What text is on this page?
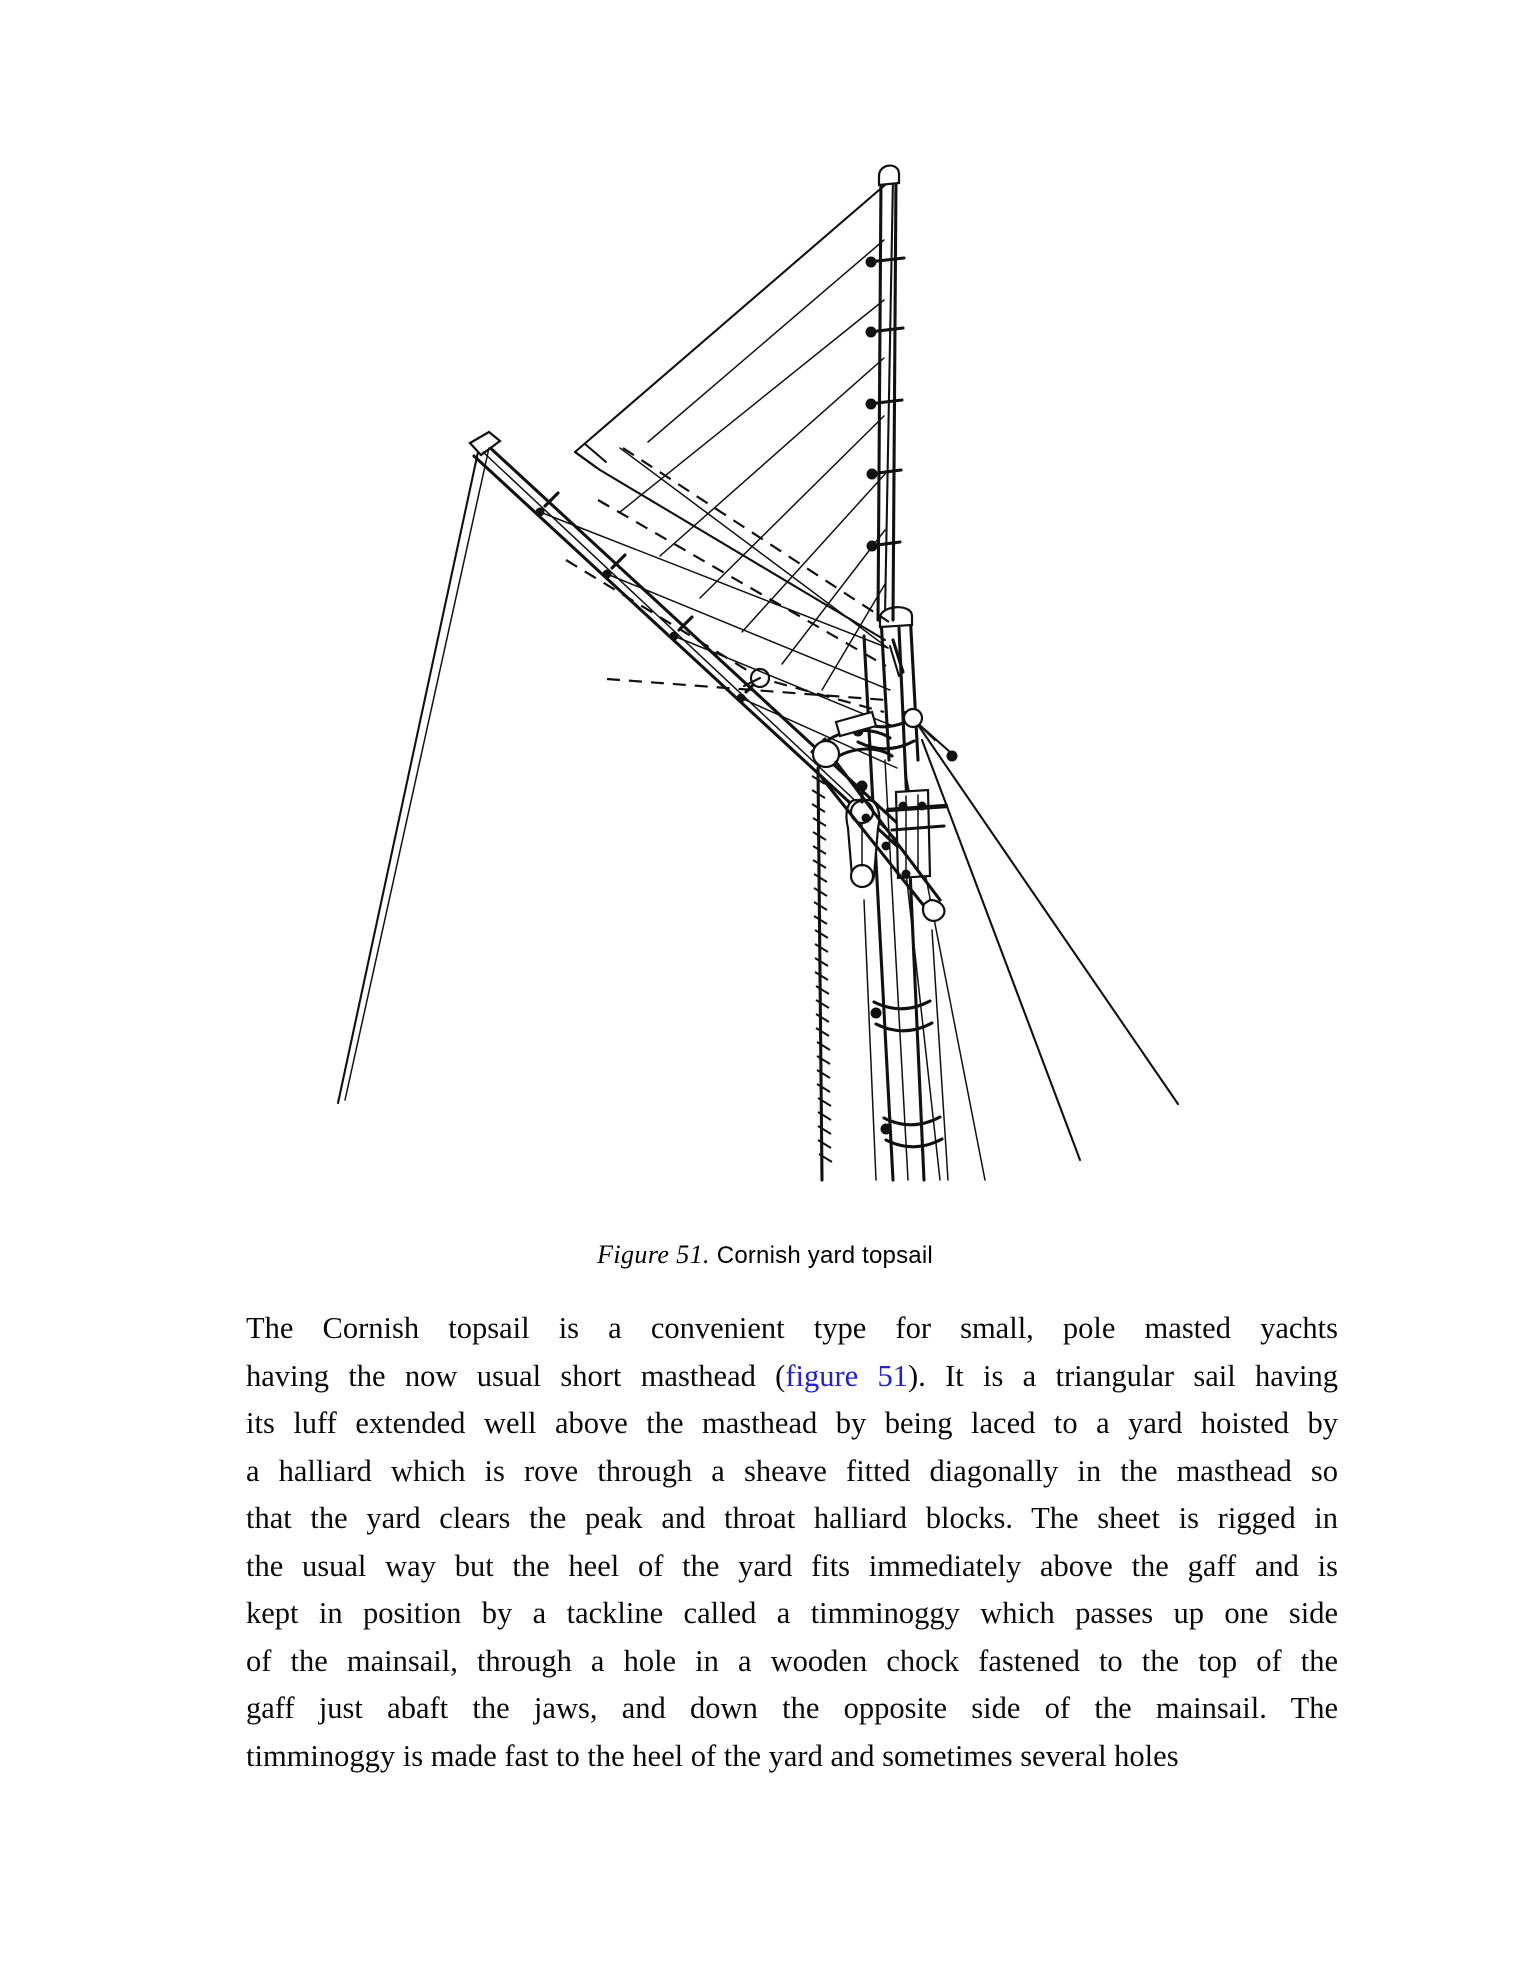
Figure 51. Cornish yard topsail

The Cornish topsail is a convenient type for small, pole masted yachts
having the now usual short masthead (figure 51). It is a triangular sail having
its luff extended well above the masthead by being laced to a yard hoisted by
a halliard which is rove through a sheave fitted diagonally in the masthead so
that the yard clears the peak and throat halliard blocks. The sheet is rigged in
the usual way but the heel of the yard fits immediately above the gaff and is
kept in position by a tackline called a timminoggy which passes up one side
of the mainsail, through a hole in a wooden chock fastened to the top of the
gaff just abaft the jaws, and down the opposite side of the mainsail. The
timminoggy is made fast to the heel of the yard and sometimes several holes
